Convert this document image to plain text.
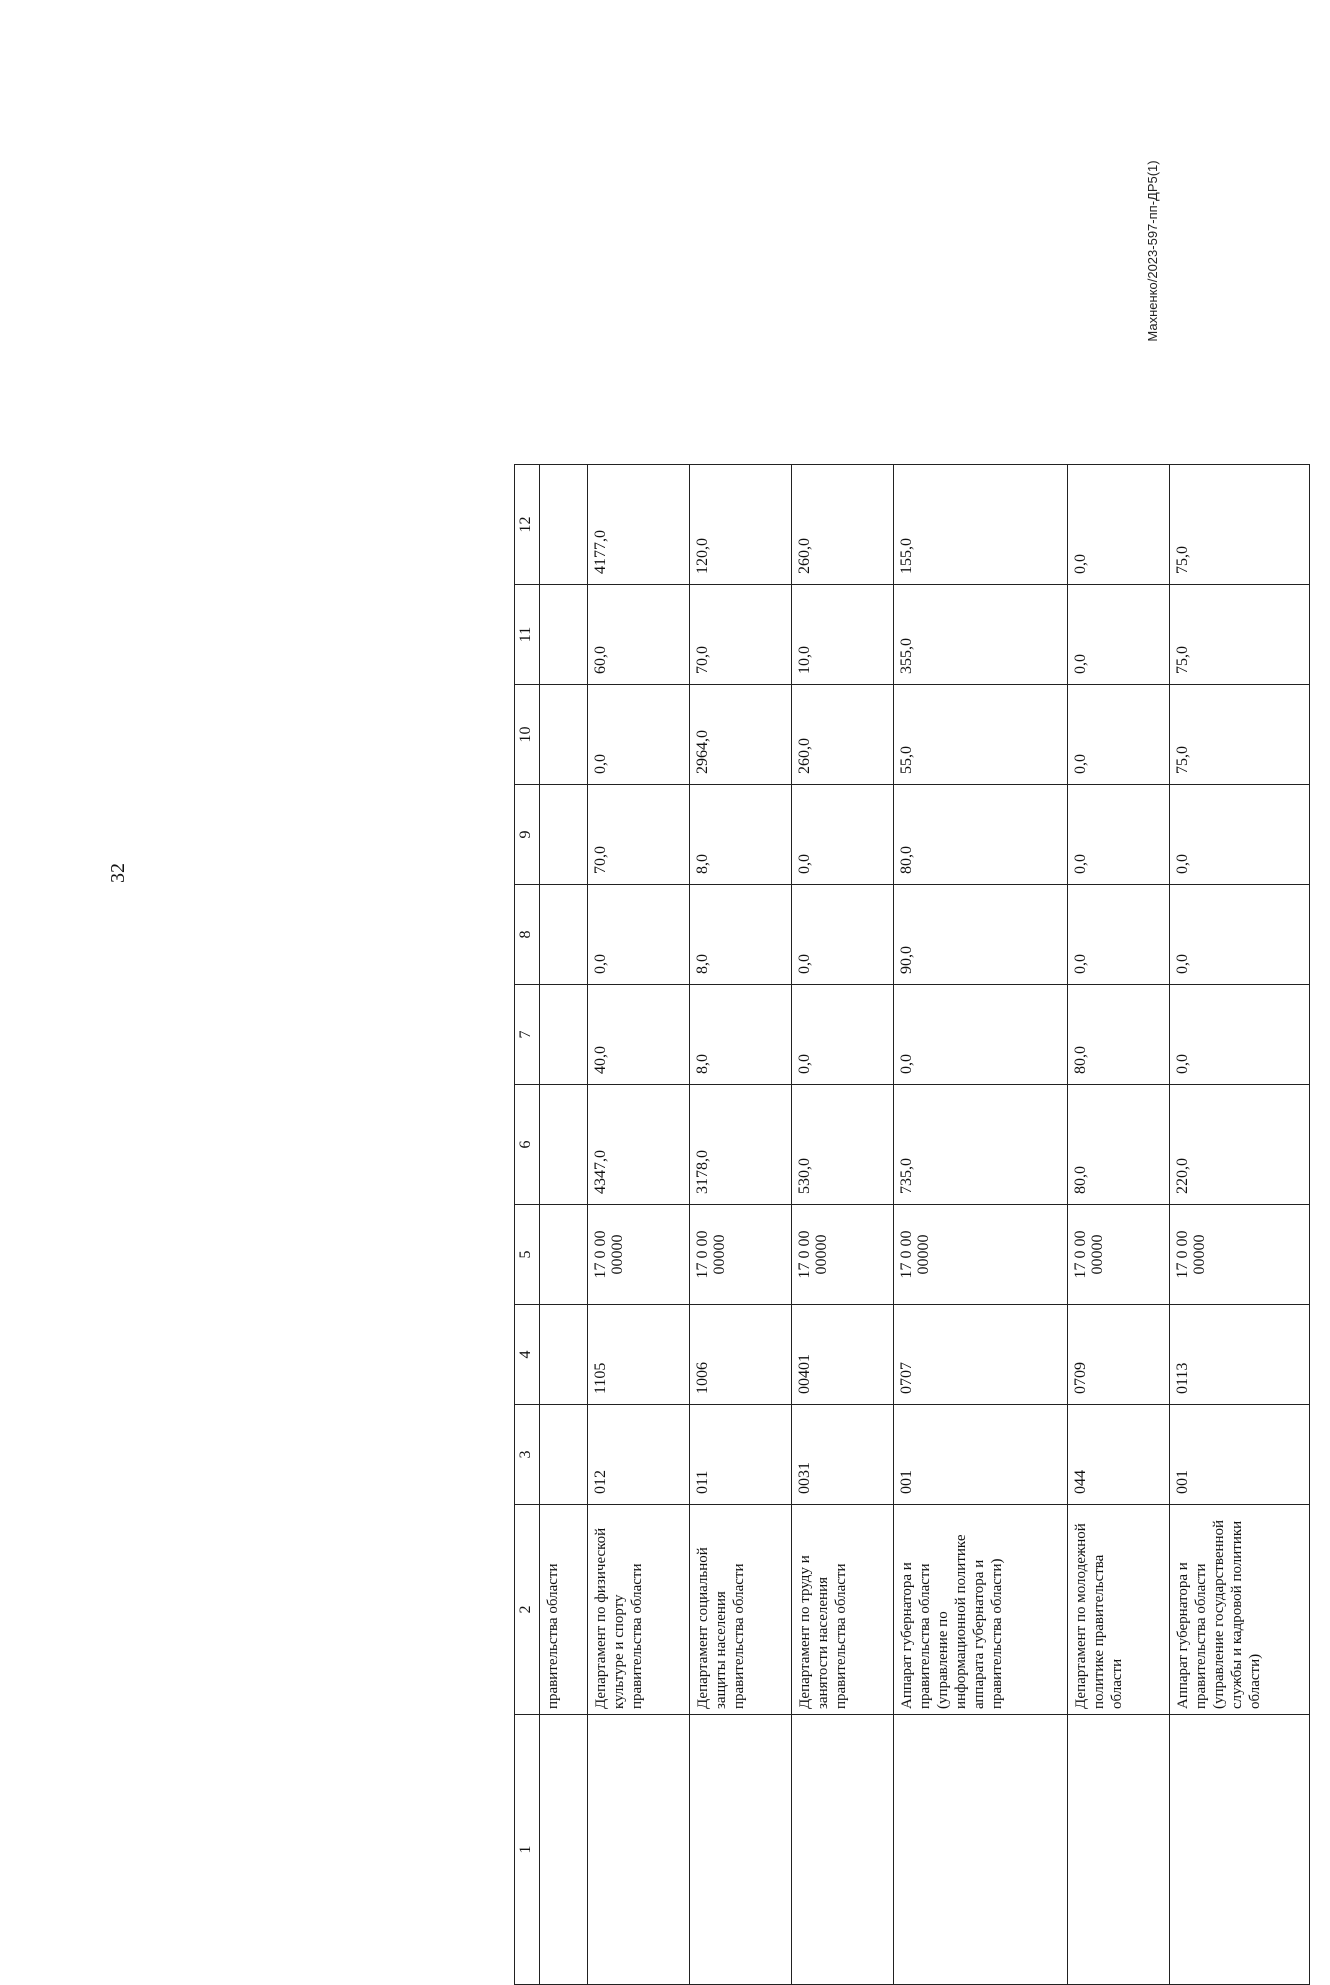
32
Махненко/2023-597-пп-ДР5(1)
1	2	3	4	5	6	7	8	9	10	11	12
	правительства области										
	Департамент по физической культуре и спорту правительства области	012	1105	17 0 00 00000	4347,0	40,0	0,0	70,0	0,0	60,0	4177,0
	Департамент социальной защиты населения правительства области	011	1006	17 0 00 00000	3178,0	8,0	8,0	8,0	2964,0	70,0	120,0
	Департамент по труду и занятости населения правительства области	0031	00401	17 0 00 00000	530,0	0,0	0,0	0,0	260,0	10,0	260,0
	Аппарат губернатора и правительства области (управление по информационной политике аппарата губернатора и правительства области)	001	0707	17 0 00 00000	735,0	0,0	90,0	80,0	55,0	355,0	155,0
	Департамент по молодежной политике правительства области	044	0709	17 0 00 00000	80,0	80,0	0,0	0,0	0,0	0,0	0,0
	Аппарат губернатора и правительства области (управление государственной службы и кадровой политики области)	001	0113	17 0 00 00000	220,0	0,0	0,0	0,0	75,0	75,0	75,0
